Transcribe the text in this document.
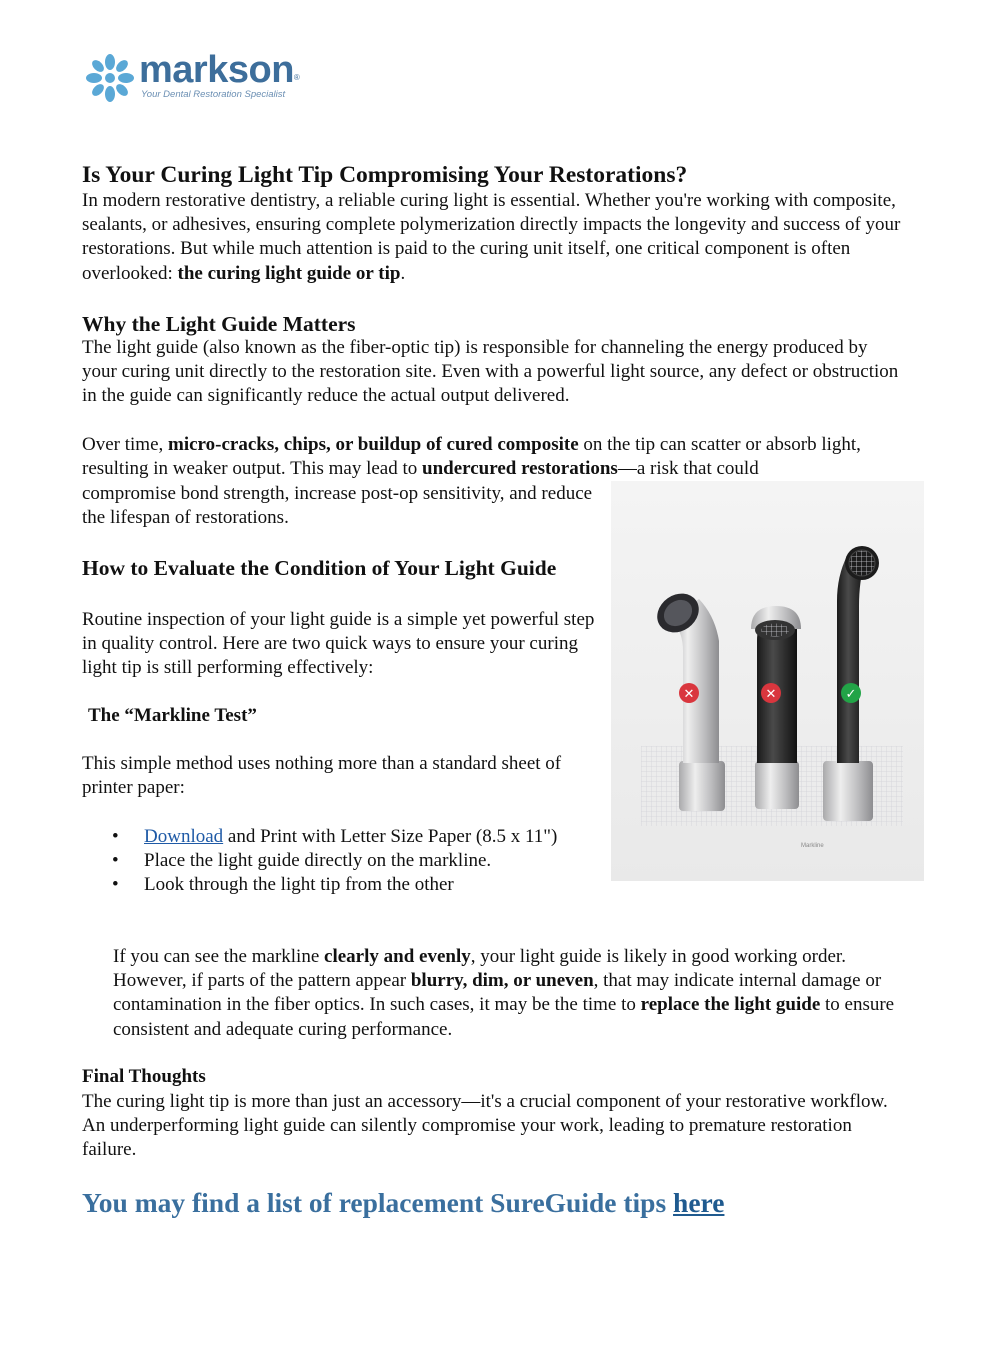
markson®
Your Dental Restoration Specialist
Is Your Curing Light Tip Compromising Your Restorations?

In modern restorative dentistry, a reliable curing light is essential. Whether you're working with composite, sealants, or adhesives, ensuring complete polymerization directly impacts the longevity and success of your restorations. But while much attention is paid to the curing unit itself, one critical component is often overlooked: the curing light guide or tip.

Why the Light Guide Matters

The light guide (also known as the fiber-optic tip) is responsible for channeling the energy produced by your curing unit directly to the restoration site. Even with a powerful light source, any defect or obstruction in the guide can significantly reduce the actual output delivered.

Over time, micro-cracks, chips, or buildup of cured composite on the tip can scatter or absorb light, resulting in weaker output. This may lead to undercured restorations—a risk that could

compromise bond strength, increase post-op sensitivity, and reduce the lifespan of restorations.

How to Evaluate the Condition of Your Light Guide

Routine inspection of your light guide is a simple yet powerful step in quality control. Here are two quick ways to ensure your curing light tip is still performing effectively:

The “Markline Test”

This simple method uses nothing more than a standard sheet of printer paper:

• Download and Print with Letter Size Paper (8.5 x 11")
• Place the light guide directly on the markline.
• Look through the light tip from the other

If you can see the markline clearly and evenly, your light guide is likely in good working order. However, if parts of the pattern appear blurry, dim, or uneven, that may indicate internal damage or contamination in the fiber optics. In such cases, it may be the time to replace the light guide to ensure consistent and adequate curing performance.

Markline
✕	✕	✓
Final Thoughts

The curing light tip is more than just an accessory—it's a crucial component of your restorative workflow. An underperforming light guide can silently compromise your work, leading to premature restoration failure.

You may find a list of replacement SureGuide tips here
